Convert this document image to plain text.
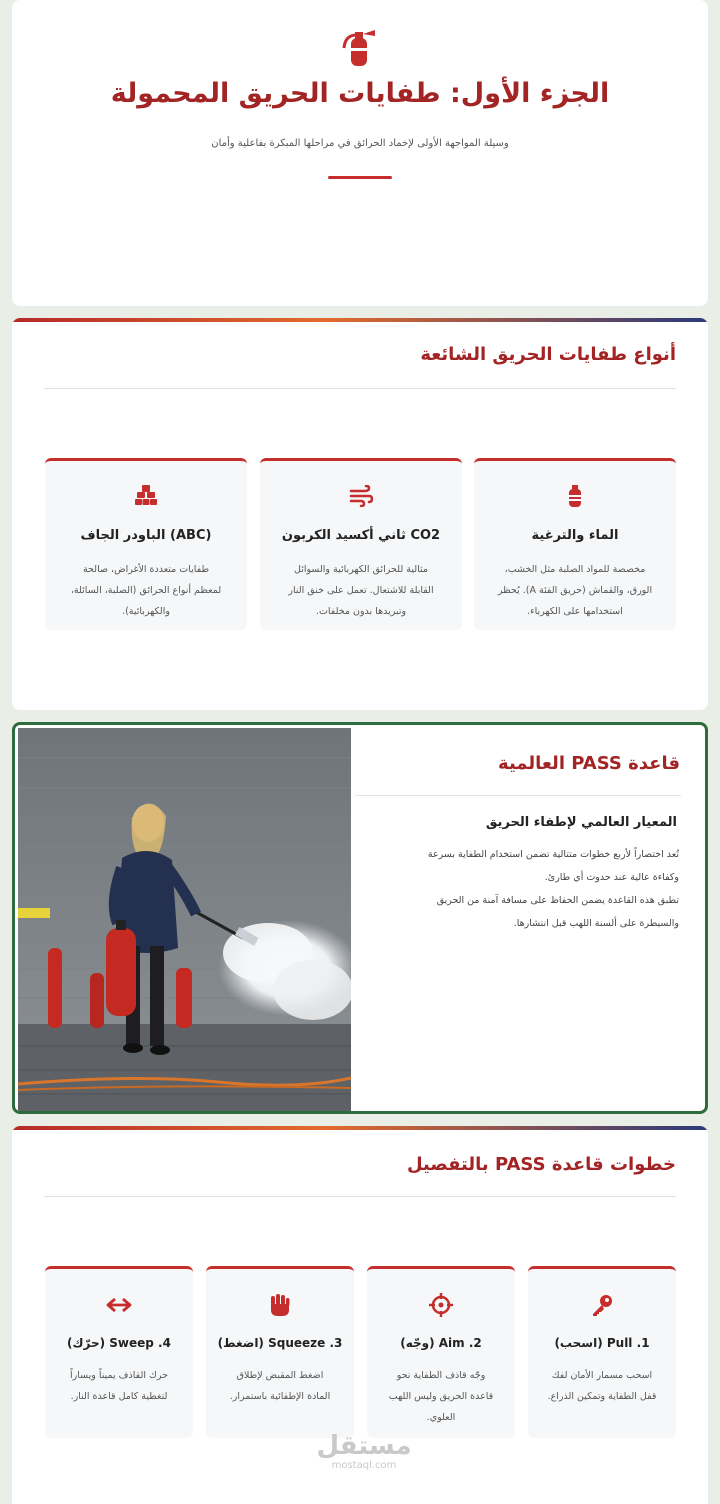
الجزء الأول: طفايات الحريق المحمولة
وسيلة المواجهة الأولى لإخماد الحرائق في مراحلها المبكرة بفاعلية وأمان
أنواع طفايات الحريق الشائعة
الماء والترغية

مخصصة للمواد الصلبة مثل الخشب،
الورق، والقماش (حريق الفئة A). يُحظر
استخدامها على الكهرباء.

CO2 ثاني أكسيد الكربون

مثالية للحرائق الكهربائية والسوائل
القابلة للاشتعال. تعمل على خنق النار
وتبريدها بدون مخلفات.

(ABC) الباودر الجاف

طفايات متعددة الأغراض، صالحة
لمعظم أنواع الحرائق (الصلبة، السائلة،
والكهربائية).

قاعدة PASS العالمية
المعيار العالمي لإطفاء الحريق
تُعد اختصاراً لأربع خطوات متتالية تضمن استخدام الطفاية بسرعة
وكفاءة عالية عند حدوث أي طارئ.
تطبق هذه القاعدة يضمن الحفاظ على مسافة آمنة من الحريق
والسيطرة على ألسنة اللهب قبل انتشارها.
خطوات قاعدة PASS بالتفصيل
1. Pull (اسحب)

اسحب مسمار الأمان لفك
قفل الطفاية وتمكين الذراع.

2. Aim (وجّه)

وجّه قاذف الطفاية نحو
قاعدة الحريق وليس اللهب
العلوي.

3. Squeeze (اضغط)

اضغط المقبض لإطلاق
المادة الإطفائية باستمرار.

4. Sweep (حرّك)

حرك القاذف يميناً ويساراً
لتغطية كامل قاعدة النار.

مستقل
mostaql.com
